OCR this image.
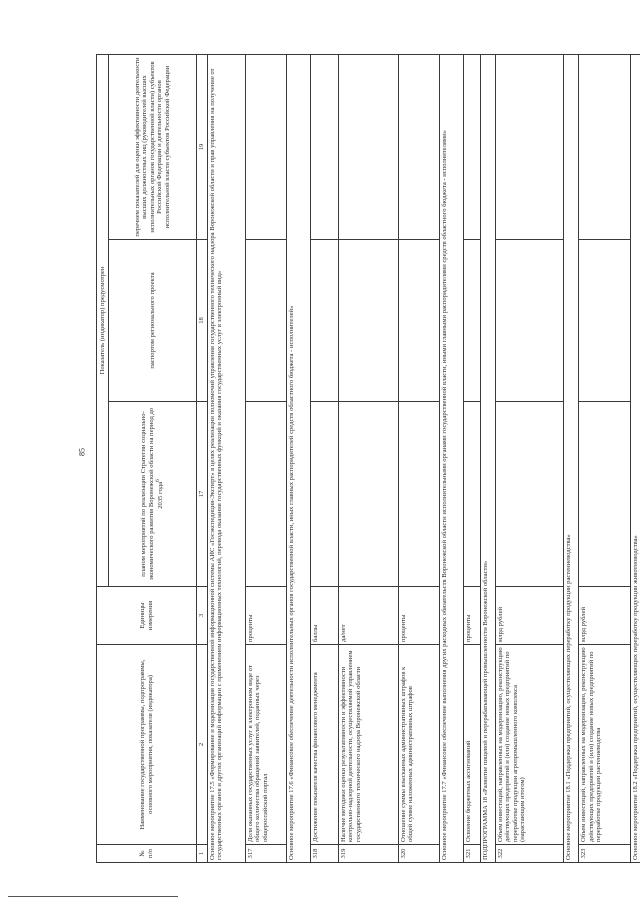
85
№ п/п	Наименование государственной программы, подпрограммы, основного мероприятия, показателя (индикатора)	Единицы измерения	Показатель (индикатор) предусмотрен		
			планом мероприятий по реализации Стратегии социально-экономического развития Воронежской области на период до 2035 года$^6$	паспортом регионального проекта	перечнем показателей для оценки эффективности деятельности высших должностных лиц (руководителей высших исполнительных органов государственной власти) субъектов Российской Федерации и деятельности органов исполнительной власти субъектов Российской Федерации
1	2	3	17	18	19
Основное мероприятие 17.5 «Формирование и модернизация государственной информационной системы АИС «Госэкспедиция-Эксперт» в целях реализации полномочий управления государственного технического надзора Воронежской области и прав управления на получение от государственных органов и других организаций информации с применением информационных технологий, перевода оказания государственных функций и оказания государственных услуг в электронный вид»					
317	Доля оказанных государственных услуг в электронном виде от общего количества обращений заявителей, поданных через общероссийский портал	проценты			
Основное мероприятие 17.6 «Финансовое обеспечение деятельности исполнительных органов государственной власти, иных главных распорядителей средств областного бюджета - исполнителей»					
318	Достижение показателя качества финансового менеджмента	баллы			
319	Наличие методики оценки результативности и эффективности контрольно-надзорной деятельности, осуществляемой управлением государственного технического надзора Воронежской области	да/нет			
320	Отношение суммы взысканных административных штрафов к общей сумме наложенных административных штрафов	проценты			
Основное мероприятие 17.7 «Финансовое обеспечение выполнения других расходных обязательств Воронежской области исполнительными органами государственной власти, иными главными распорядителями средств областного бюджета - исполнителями»					
321	Освоение бюджетных ассигнований	проценты			
ПОДПРОГРАММА 18 «Развитие пищевой и перерабатывающей промышленности Воронежской области»					
322	Объем инвестиций, направленных на модернизацию, реконструкцию действующих предприятий и (или) создание новых предприятий по переработке продукции агропромышленного комплекса (нарастающим итогом)	млрд рублей			
Основное мероприятие 18.1 «Поддержка предприятий, осуществляющих переработку продукции растениеводства»					
323	Объем инвестиций, направленных на модернизацию, реконструкцию действующих предприятий и (или) создание новых предприятий по переработке продукции растениеводства	млрд рублей			
Основное мероприятие 18.2 «Поддержка предприятий, осуществляющих переработку продукции животноводства»					
